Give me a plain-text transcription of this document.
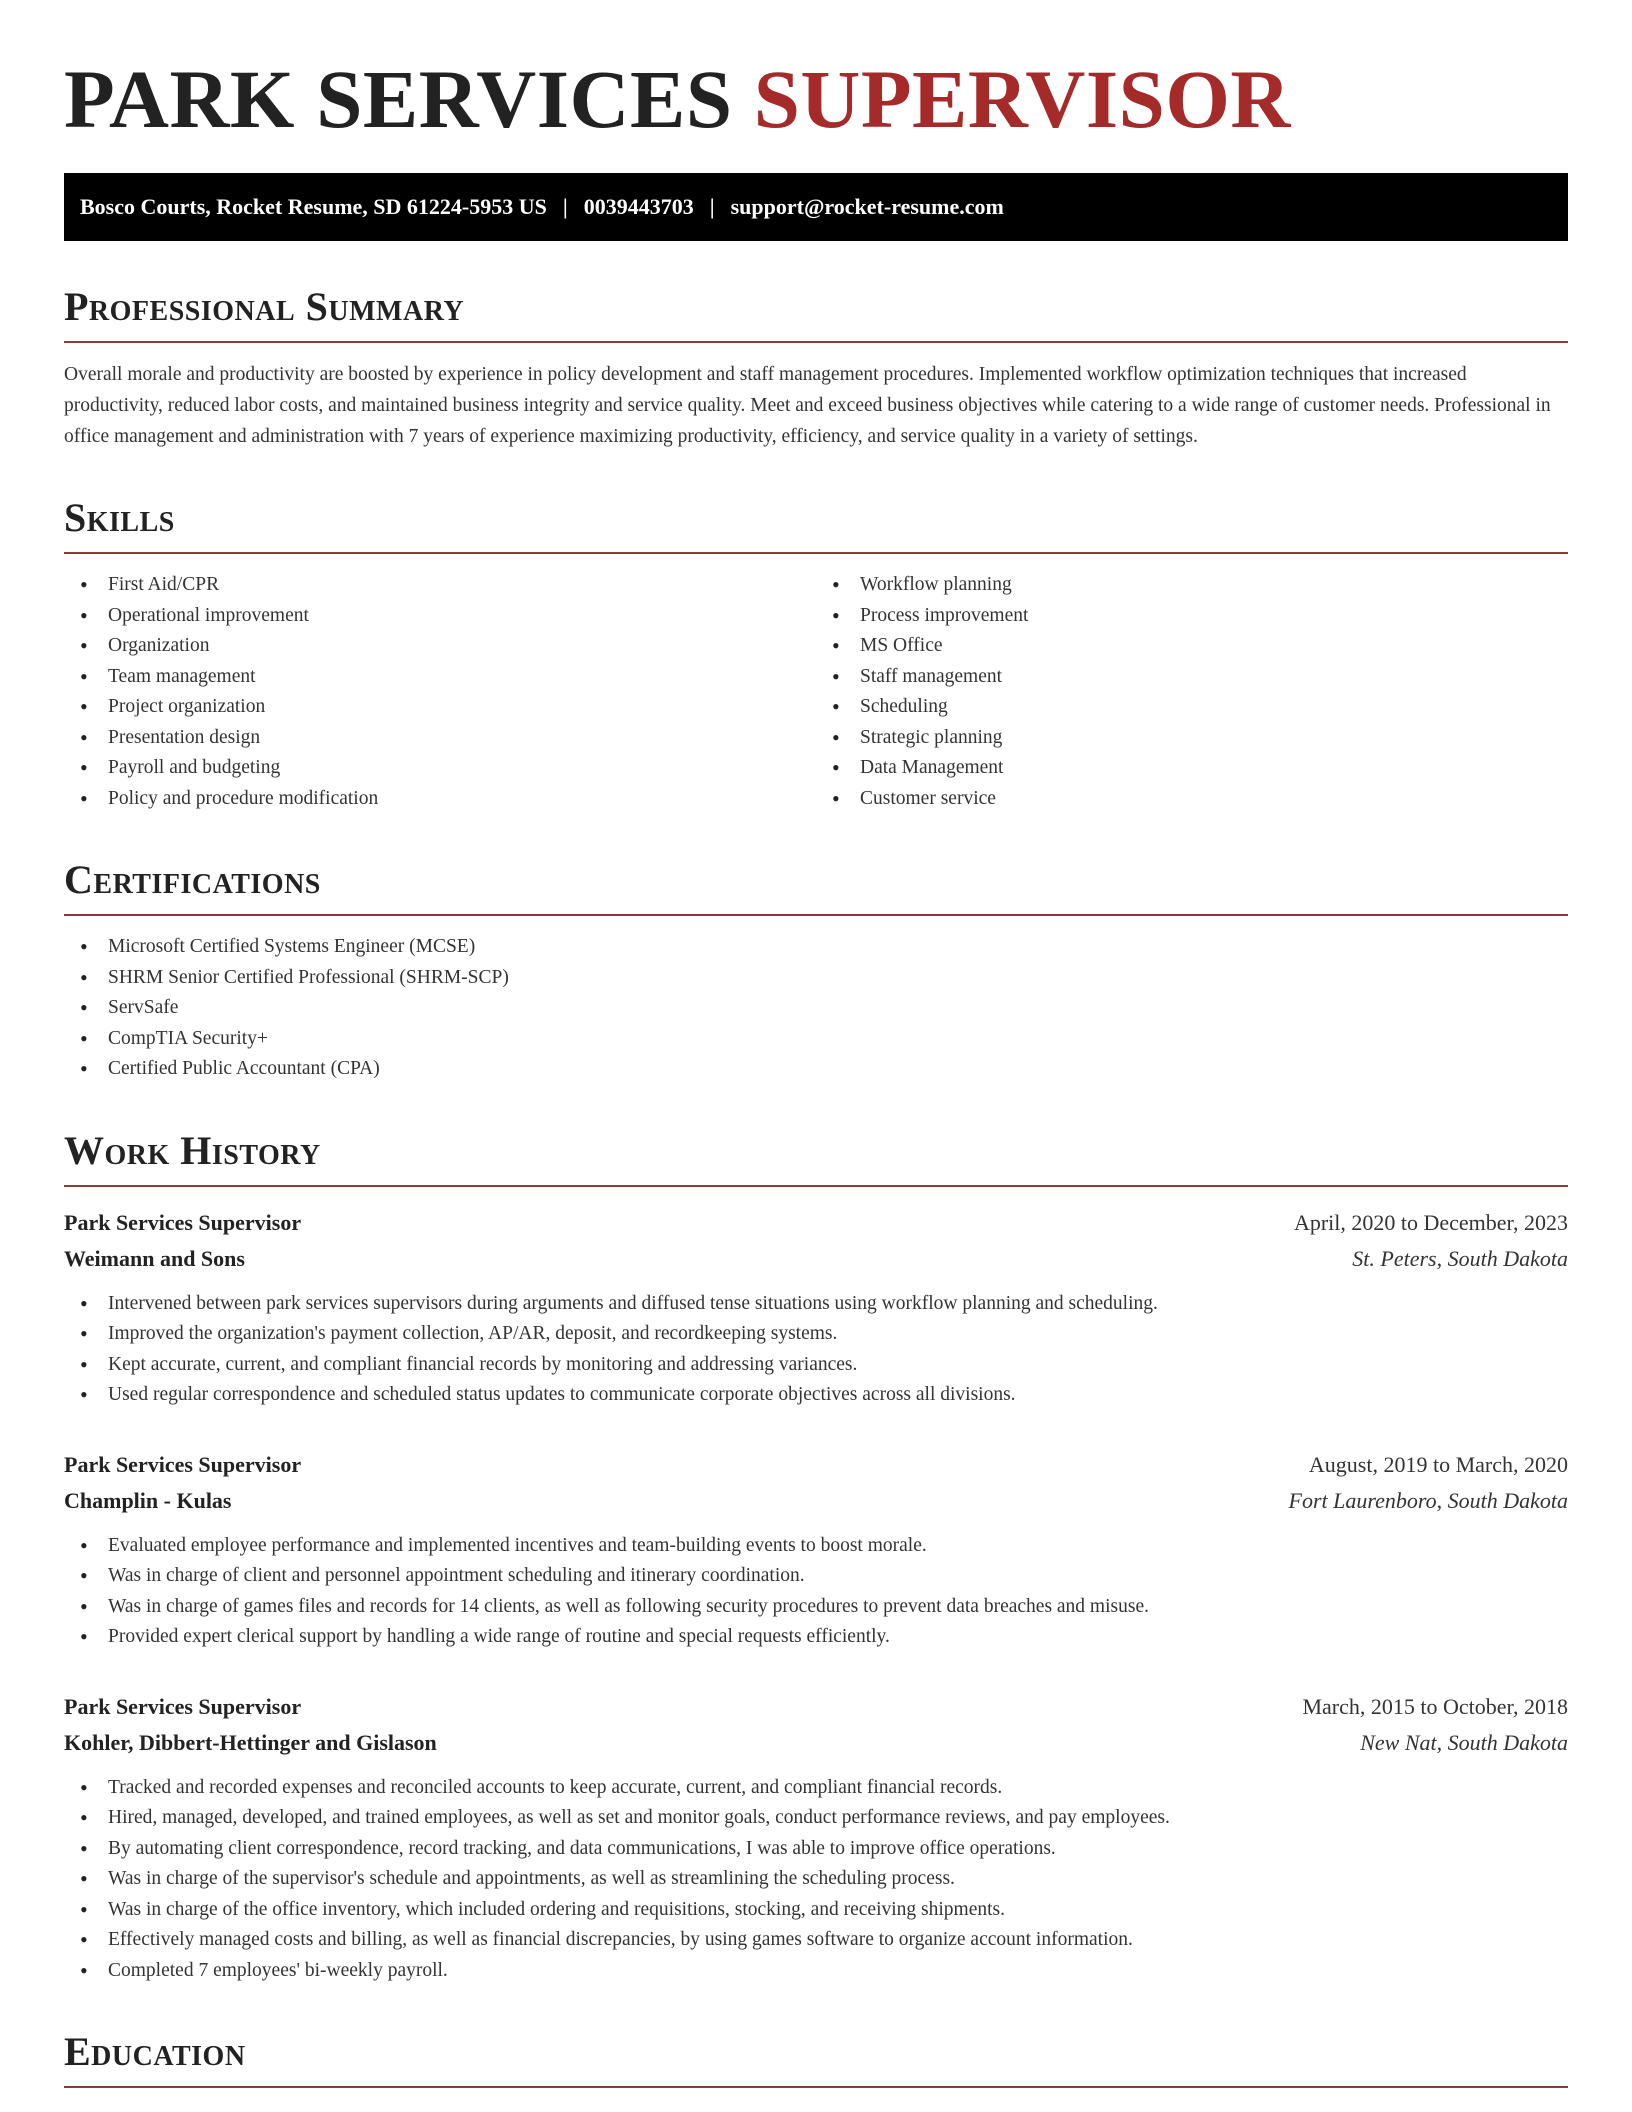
PARK SERVICES SUPERVISOR
Bosco Courts, Rocket Resume, SD 61224-5953 US | 0039443703 | support@rocket-resume.com
Professional Summary

Overall morale and productivity are boosted by experience in policy development and staff management procedures. Implemented workflow optimization techniques that increased productivity, reduced labor costs, and maintained business integrity and service quality. Meet and exceed business objectives while catering to a wide range of customer needs. Professional in office management and administration with 7 years of experience maximizing productivity, efficiency, and service quality in a variety of settings.

Skills
• First Aid/CPR
• Operational improvement
• Organization
• Team management
• Project organization
• Presentation design
• Payroll and budgeting
• Policy and procedure modification
• Workflow planning
• Process improvement
• MS Office
• Staff management
• Scheduling
• Strategic planning
• Data Management
• Customer service
Certifications
• Microsoft Certified Systems Engineer (MCSE)
• SHRM Senior Certified Professional (SHRM-SCP)
• ServSafe
• CompTIA Security+
• Certified Public Accountant (CPA)
Work History
Park Services Supervisor	April, 2020 to December, 2023
Weimann and Sons	St. Peters, South Dakota
• Intervened between park services supervisors during arguments and diffused tense situations using workflow planning and scheduling.
• Improved the organization's payment collection, AP/AR, deposit, and recordkeeping systems.
• Kept accurate, current, and compliant financial records by monitoring and addressing variances.
• Used regular correspondence and scheduled status updates to communicate corporate objectives across all divisions.
Park Services Supervisor	August, 2019 to March, 2020
Champlin - Kulas	Fort Laurenboro, South Dakota
• Evaluated employee performance and implemented incentives and team-building events to boost morale.
• Was in charge of client and personnel appointment scheduling and itinerary coordination.
• Was in charge of games files and records for 14 clients, as well as following security procedures to prevent data breaches and misuse.
• Provided expert clerical support by handling a wide range of routine and special requests efficiently.
Park Services Supervisor	March, 2015 to October, 2018
Kohler, Dibbert-Hettinger and Gislason	New Nat, South Dakota
• Tracked and recorded expenses and reconciled accounts to keep accurate, current, and compliant financial records.
• Hired, managed, developed, and trained employees, as well as set and monitor goals, conduct performance reviews, and pay employees.
• By automating client correspondence, record tracking, and data communications, I was able to improve office operations.
• Was in charge of the supervisor's schedule and appointments, as well as streamlining the scheduling process.
• Was in charge of the office inventory, which included ordering and requisitions, stocking, and receiving shipments.
• Effectively managed costs and billing, as well as financial discrepancies, by using games software to organize account information.
• Completed 7 employees' bi-weekly payroll.
Education
